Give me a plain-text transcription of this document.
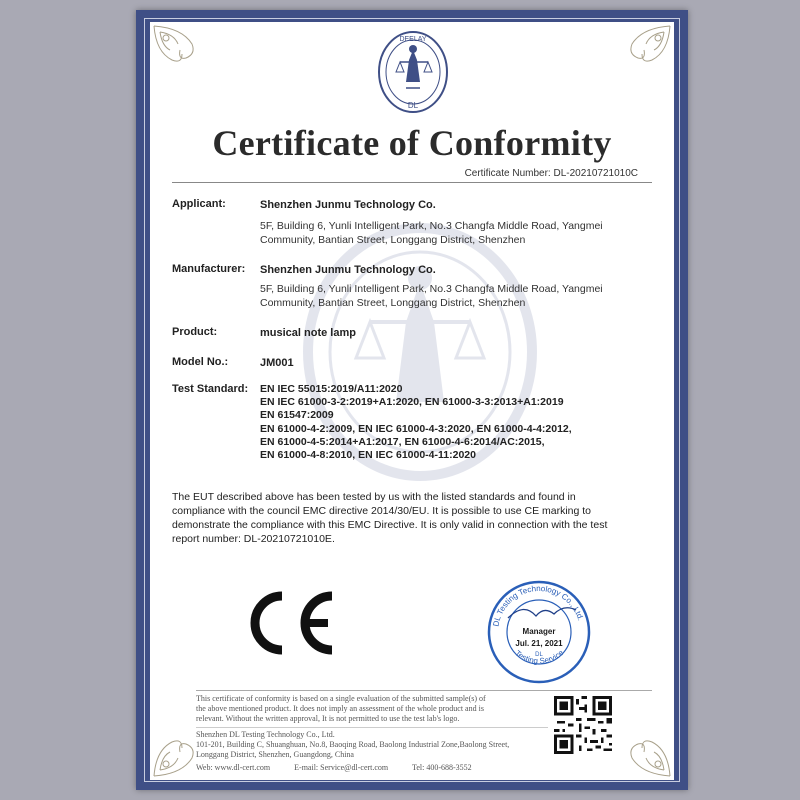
DEELAY
DL
Certificate of Conformity
Certificate Number: DL-20210721010C
Applicant:	Shenzhen Junmu Technology Co.
5F, Building 6, Yunli Intelligent Park, No.3 Changfa Middle Road, Yangmei
Community, Bantian Street, Longgang District, Shenzhen
Manufacturer: Shenzhen Junmu Technology Co.
5F, Building 6, Yunli Intelligent Park, No.3 Changfa Middle Road, Yangmei
Community, Bantian Street, Longgang District, Shenzhen
Product:	musical note lamp
Model No.:	JM001
Test Standard: EN IEC 55015:2019/A11:2020
EN IEC 61000-3-2:2019+A1:2020, EN 61000-3-3:2013+A1:2019
EN 61547:2009
EN 61000-4-2:2009, EN IEC 61000-4-3:2020, EN 61000-4-4:2012,
EN 61000-4-5:2014+A1:2017, EN 61000-4-6:2014/AC:2015,
EN 61000-4-8:2010, EN IEC 61000-4-11:2020
The EUT described above has been tested by us with the listed standards and found in
compliance with the council EMC directive 2014/30/EU. It is possible to use CE marking to
demonstrate the compliance with this EMC Directive. It is only valid in connection with the test
report number: DL-20210721010E.
DL Testing Technology Co., Ltd.
Testing Service
Manager
Jul. 21, 2021
DL
This certificate of conformity is based on a single evaluation of the submitted sample(s) of
the above mentioned product. It does not imply an assessment of the whole product and is
relevant. Without the written approval, It is not permitted to use the test lab's logo.
Shenzhen DL Testing Technology Co., Ltd.
101-201, Building C, Shuanghuan, No.8, Baoqing Road, Baolong Industrial Zone,Baolong Street,
Longgang District, Shenzhen, Guangdong, China
Web: www.dl-cert.com	E-mail: Service@dl-cert.com	Tel: 400-688-3552
